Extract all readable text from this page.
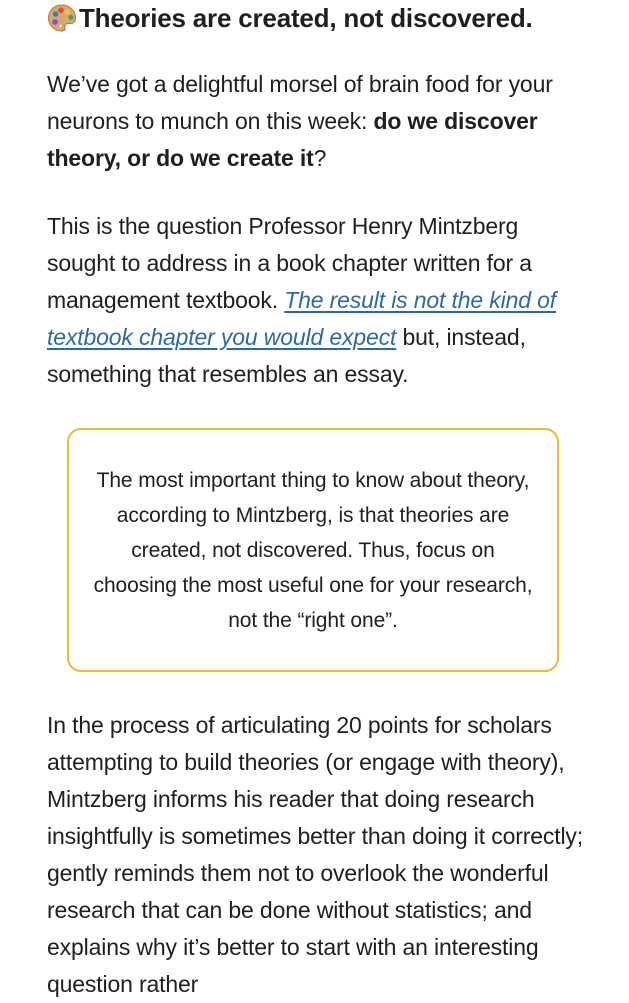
Theories are created, not discovered.

We’ve got a delightful morsel of brain food for your neurons to munch on this week: do we discover theory, or do we create it?

This is the question Professor Henry Mintzberg sought to address in a book chapter written for a management textbook. The result is not the kind of textbook chapter you would expect but, instead, something that resembles an essay.

The most important thing to know about theory, according to Mintzberg, is that theories are created, not discovered. Thus, focus on choosing the most useful one for your research, not the “right one”.

In the process of articulating 20 points for scholars attempting to build theories (or engage with theory), Mintzberg informs his reader that doing research insightfully is sometimes better than doing it correctly; gently reminds them not to overlook the wonderful research that can be done without statistics; and explains why it’s better to start with an interesting question rather
